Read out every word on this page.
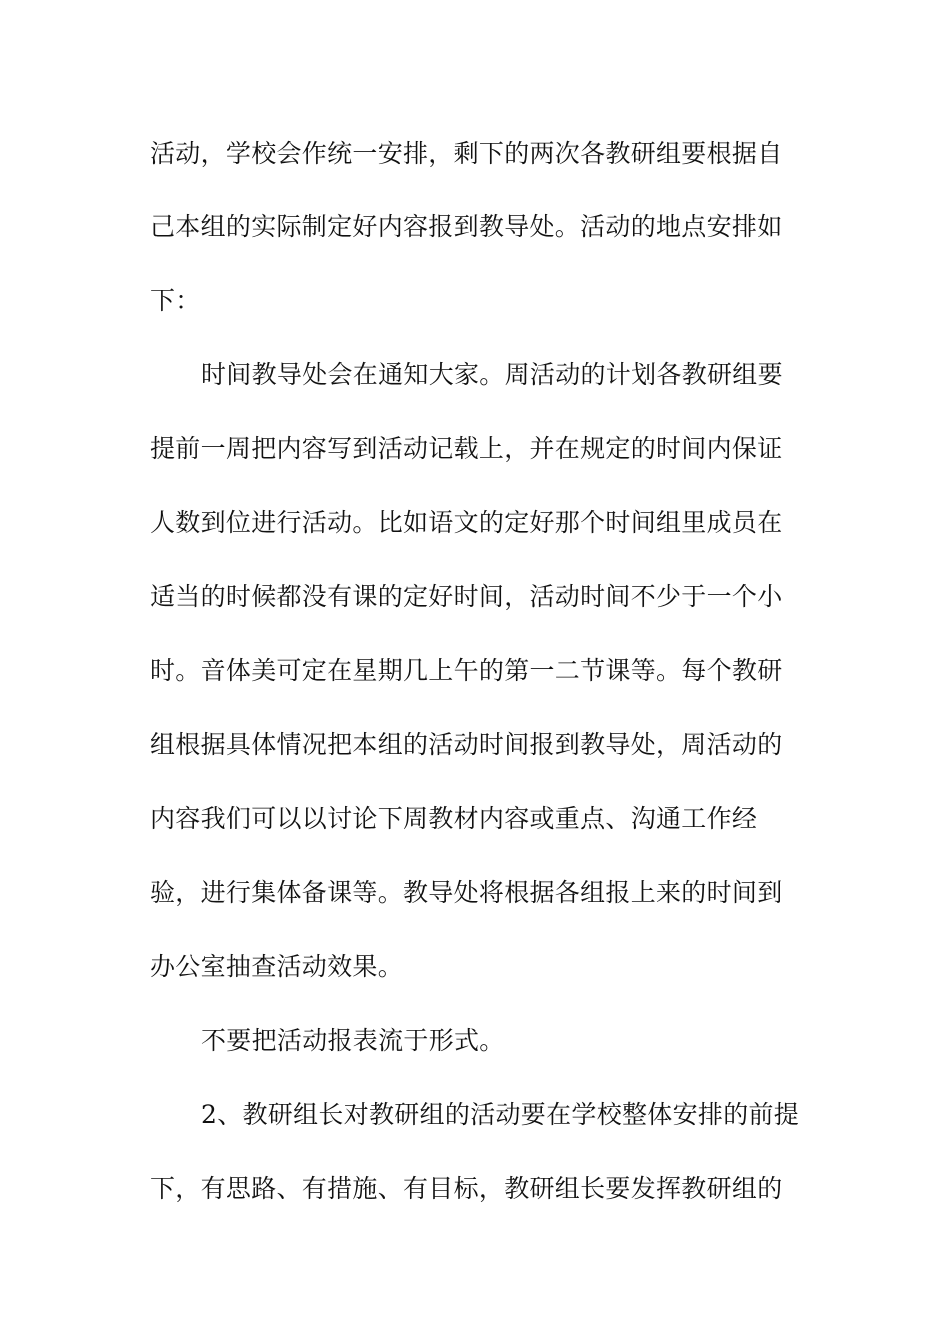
活动，学校会作统一安排，剩下的两次各教研组要根据自
己本组的实际制定好内容报到教导处。活动的地点安排如
下：
时间教导处会在通知大家。周活动的计划各教研组要
提前一周把内容写到活动记载上，并在规定的时间内保证
人数到位进行活动。比如语文的定好那个时间组里成员在
适当的时候都没有课的定好时间，活动时间不少于一个小
时。音体美可定在星期几上午的第一二节课等。每个教研
组根据具体情况把本组的活动时间报到教导处，周活动的
内容我们可以以讨论下周教材内容或重点、沟通工作经
验，进行集体备课等。教导处将根据各组报上来的时间到
办公室抽查活动效果。
不要把活动报表流于形式。
2、教研组长对教研组的活动要在学校整体安排的前提
下，有思路、有措施、有目标，教研组长要发挥教研组的
